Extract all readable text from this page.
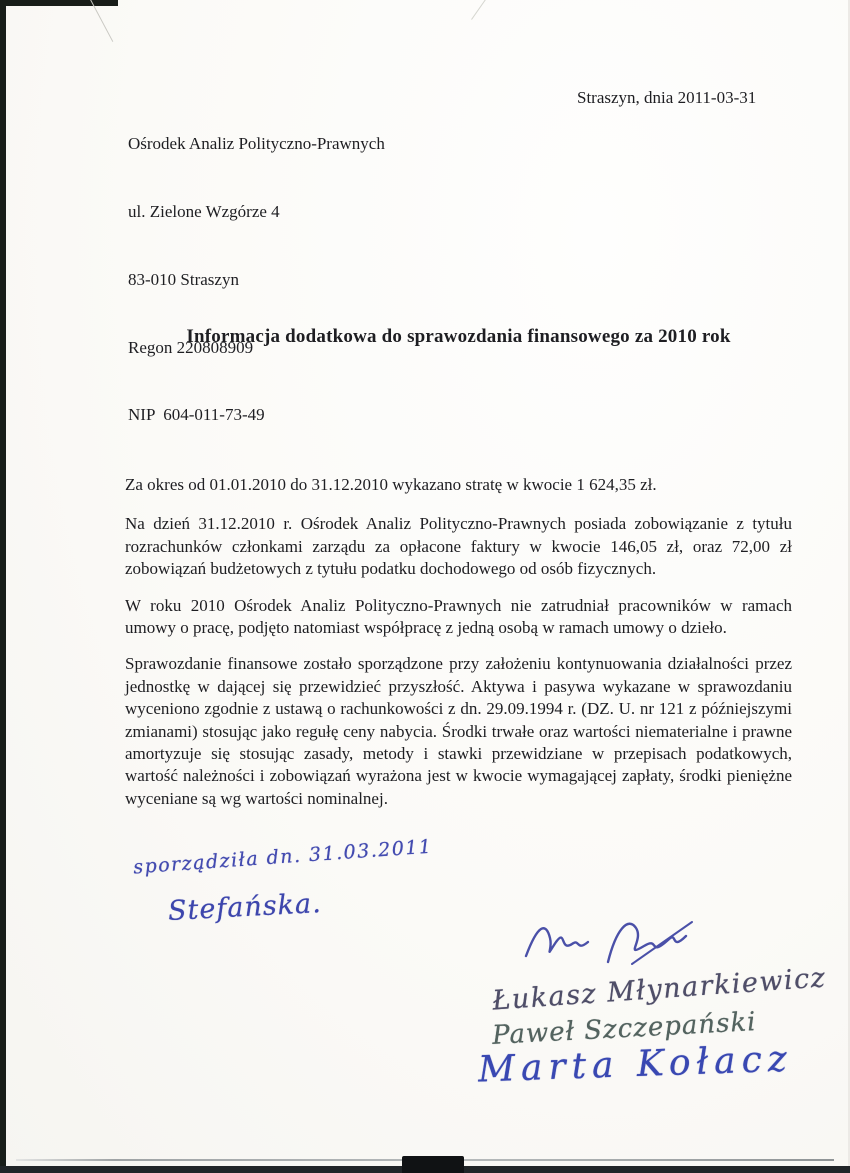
Ośrodek Analiz Polityczno-Prawnych

ul. Zielone Wzgórze 4

83-010 Straszyn

Regon 220808909

NIP  604-011-73-49

Straszyn, dnia 2011-03-31
Informacja dodatkowa do sprawozdania finansowego za 2010 rok

Za okres od 01.01.2010 do 31.12.2010 wykazano stratę w kwocie 1 624,35 zł.

Na dzień 31.12.2010 r. Ośrodek Analiz Polityczno-Prawnych posiada zobowiązanie z tytułu rozrachunków członkami zarządu za opłacone faktury w kwocie 146,05 zł, oraz 72,00 zł zobowiązań budżetowych z tytułu podatku dochodowego od osób fizycznych.

W roku 2010 Ośrodek Analiz Polityczno-Prawnych nie zatrudniał pracowników w ramach umowy o pracę, podjęto natomiast współpracę z jedną osobą w ramach umowy o dzieło.

Sprawozdanie finansowe zostało sporządzone przy założeniu kontynuowania działalności przez jednostkę w dającej się przewidzieć przyszłość. Aktywa i pasywa wykazane w sprawozdaniu wyceniono zgodnie z ustawą o rachunkowości z dn. 29.09.1994 r. (DZ. U. nr 121 z późniejszymi zmianami) stosując jako regułę ceny nabycia. Środki trwałe oraz wartości niematerialne i prawne amortyzuje się stosując zasady, metody i stawki przewidziane w przepisach podatkowych, wartość należności i zobowiązań wyrażona jest w kwocie wymagającej zapłaty, środki pieniężne wyceniane są wg wartości nominalnej.

sporządziła dn. 31.03.2011
Stefańska.
Łukasz Młynarkiewicz
Paweł Szczepański
Marta Kołacz
